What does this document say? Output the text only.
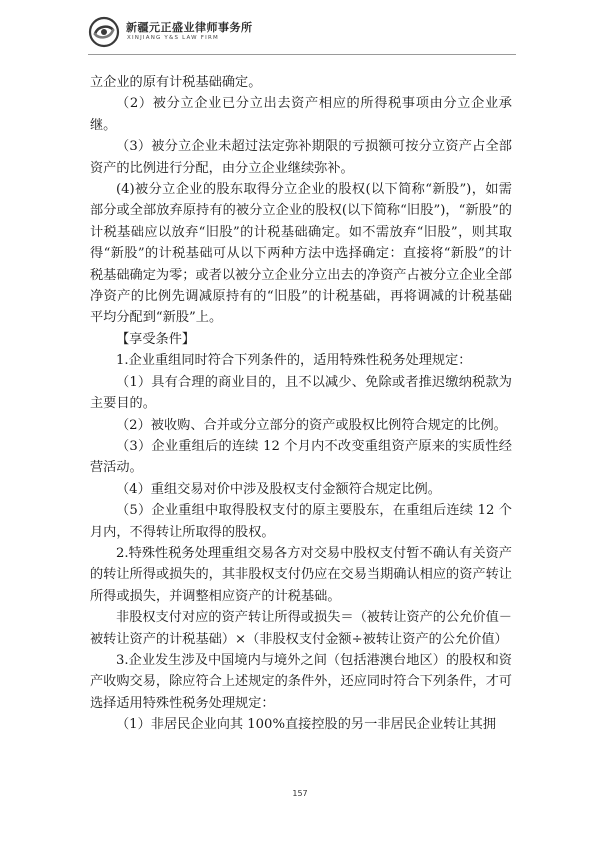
新疆元正盛业律师事务所
XINJIANG Y&S LAW FIRM

立企业的原有计税基础确定。

（2）被分立企业已分立出去资产相应的所得税事项由分立企业承继。

（3）被分立企业未超过法定弥补期限的亏损额可按分立资产占全部资产的比例进行分配，由分立企业继续弥补。

(4)被分立企业的股东取得分立企业的股权(以下简称“新股”)，如需部分或全部放弃原持有的被分立企业的股权(以下简称“旧股”)，“新股”的计税基础应以放弃“旧股”的计税基础确定。如不需放弃“旧股”，则其取得“新股”的计税基础可从以下两种方法中选择确定：直接将“新股”的计税基础确定为零；或者以被分立企业分立出去的净资产占被分立企业全部净资产的比例先调减原持有的“旧股”的计税基础，再将调减的计税基础平均分配到“新股”上。

【享受条件】

1.企业重组同时符合下列条件的，适用特殊性税务处理规定：

（1）具有合理的商业目的，且不以减少、免除或者推迟缴纳税款为主要目的。

（2）被收购、合并或分立部分的资产或股权比例符合规定的比例。

（3）企业重组后的连续 12 个月内不改变重组资产原来的实质性经营活动。

（4）重组交易对价中涉及股权支付金额符合规定比例。

（5）企业重组中取得股权支付的原主要股东，在重组后连续 12 个月内，不得转让所取得的股权。

2.特殊性税务处理重组交易各方对交易中股权支付暂不确认有关资产的转让所得或损失的，其非股权支付仍应在交易当期确认相应的资产转让所得或损失，并调整相应资产的计税基础。

非股权支付对应的资产转让所得或损失＝（被转让资产的公允价值－被转让资产的计税基础）×（非股权支付金额÷被转让资产的公允价值）

3.企业发生涉及中国境内与境外之间（包括港澳台地区）的股权和资产收购交易，除应符合上述规定的条件外，还应同时符合下列条件，才可选择适用特殊性税务处理规定：

（1）非居民企业向其 100%直接控股的另一非居民企业转让其拥

157
